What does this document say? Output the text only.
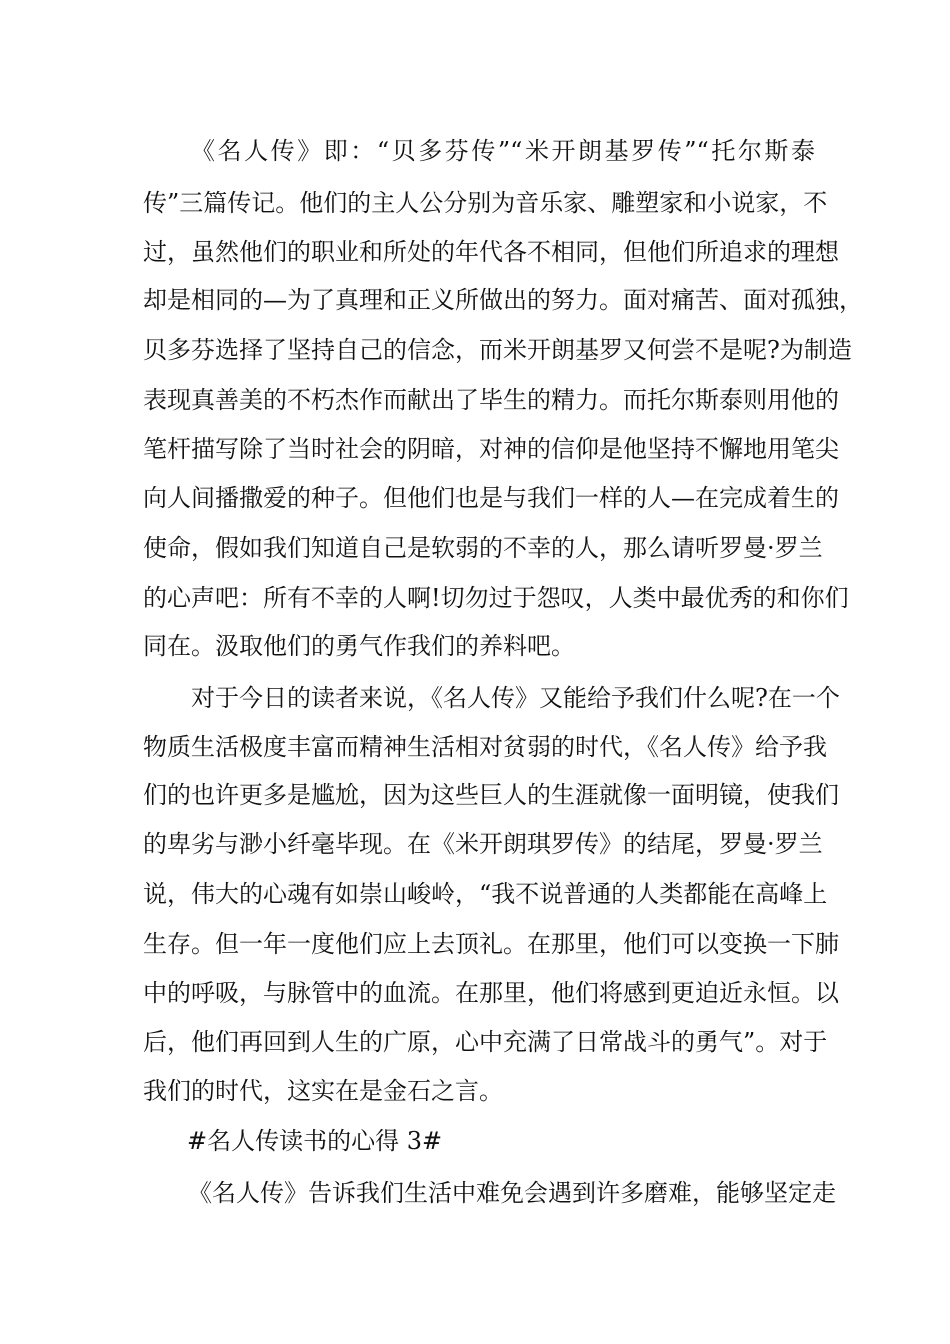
《名人传》即：“贝多芬传”“米开朗基罗传”“托尔斯泰
传”三篇传记。他们的主人公分别为音乐家、雕塑家和小说家，不
过，虽然他们的职业和所处的年代各不相同，但他们所追求的理想
却是相同的—为了真理和正义所做出的努力。面对痛苦、面对孤独，
贝多芬选择了坚持自己的信念，而米开朗基罗又何尝不是呢?为制造
表现真善美的不朽杰作而献出了毕生的精力。而托尔斯泰则用他的
笔杆描写除了当时社会的阴暗，对神的信仰是他坚持不懈地用笔尖
向人间播撒爱的种子。但他们也是与我们一样的人—在完成着生的
使命，假如我们知道自己是软弱的不幸的人，那么请听罗曼·罗兰
的心声吧：所有不幸的人啊!切勿过于怨叹，人类中最优秀的和你们
同在。汲取他们的勇气作我们的养料吧。
对于今日的读者来说，《名人传》又能给予我们什么呢?在一个
物质生活极度丰富而精神生活相对贫弱的时代，《名人传》给予我
们的也许更多是尴尬，因为这些巨人的生涯就像一面明镜，使我们
的卑劣与渺小纤毫毕现。在《米开朗琪罗传》的结尾，罗曼·罗兰
说，伟大的心魂有如崇山峻岭，“我不说普通的人类都能在高峰上
生存。但一年一度他们应上去顶礼。在那里，他们可以变换一下肺
中的呼吸，与脉管中的血流。在那里，他们将感到更迫近永恒。以
后，他们再回到人生的广原，心中充满了日常战斗的勇气”。对于
我们的时代，这实在是金石之言。
#名人传读书的心得 3#
《名人传》告诉我们生活中难免会遇到许多磨难，能够坚定走
